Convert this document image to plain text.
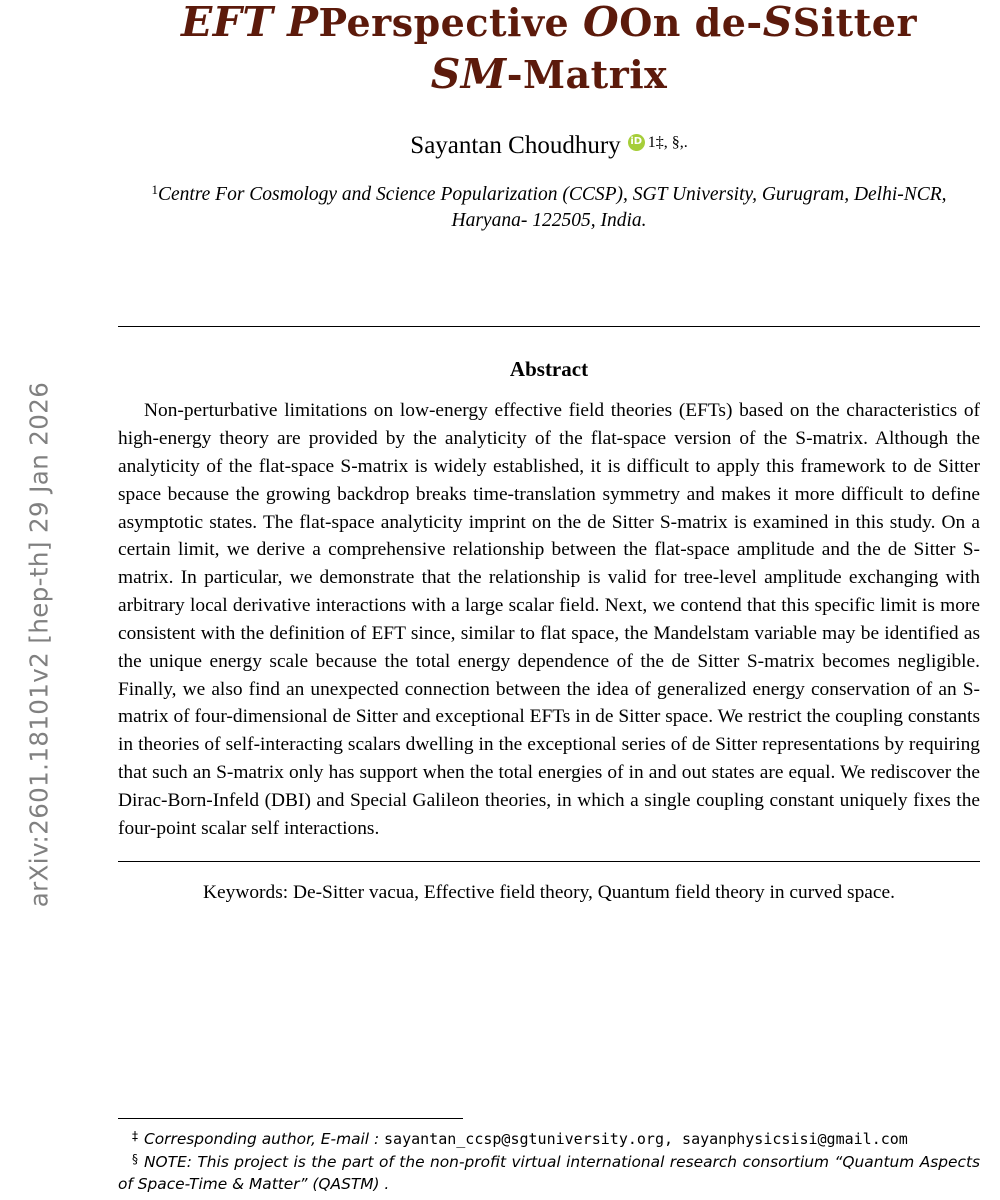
arXiv:2601.18101v2 [hep-th] 29 Jan 2026
EFT PPerspective OOn de-SSitter
SM-Matrix
Sayantan Choudhury iD $^{1\ddagger, \S,.}$
$^1$Centre For Cosmology and Science Popularization (CCSP), SGT University, Gurugram, Delhi-NCR, Haryana- 122505, India.
Abstract
Non-perturbative limitations on low-energy effective field theories (EFTs) based on the characteristics of high-energy theory are provided by the analyticity of the flat-space version of the S-matrix. Although the analyticity of the flat-space S-matrix is widely established, it is difficult to apply this framework to de Sitter space because the growing backdrop breaks time-translation symmetry and makes it more difficult to define asymptotic states. The flat-space analyticity imprint on the de Sitter S-matrix is examined in this study. On a certain limit, we derive a comprehensive relationship between the flat-space amplitude and the de Sitter S-matrix. In particular, we demonstrate that the relationship is valid for tree-level amplitude exchanging with arbitrary local derivative interactions with a large scalar field. Next, we contend that this specific limit is more consistent with the definition of EFT since, similar to flat space, the Mandelstam variable may be identified as the unique energy scale because the total energy dependence of the de Sitter S-matrix becomes negligible. Finally, we also find an unexpected connection between the idea of generalized energy conservation of an S-matrix of four-dimensional de Sitter and exceptional EFTs in de Sitter space. We restrict the coupling constants in theories of self-interacting scalars dwelling in the exceptional series of de Sitter representations by requiring that such an S-matrix only has support when the total energies of in and out states are equal. We rediscover the Dirac-Born-Infeld (DBI) and Special Galileon theories, in which a single coupling constant uniquely fixes the four-point scalar self interactions.
Keywords: De-Sitter vacua, Effective field theory, Quantum field theory in curved space.
‡ Corresponding author, E-mail : sayantan_ccsp@sgtuniversity.org, sayanphysicsisi@gmail.com
§ NOTE: This project is the part of the non-profit virtual international research consortium “Quantum Aspects of Space-Time & Matter” (QASTM) .
